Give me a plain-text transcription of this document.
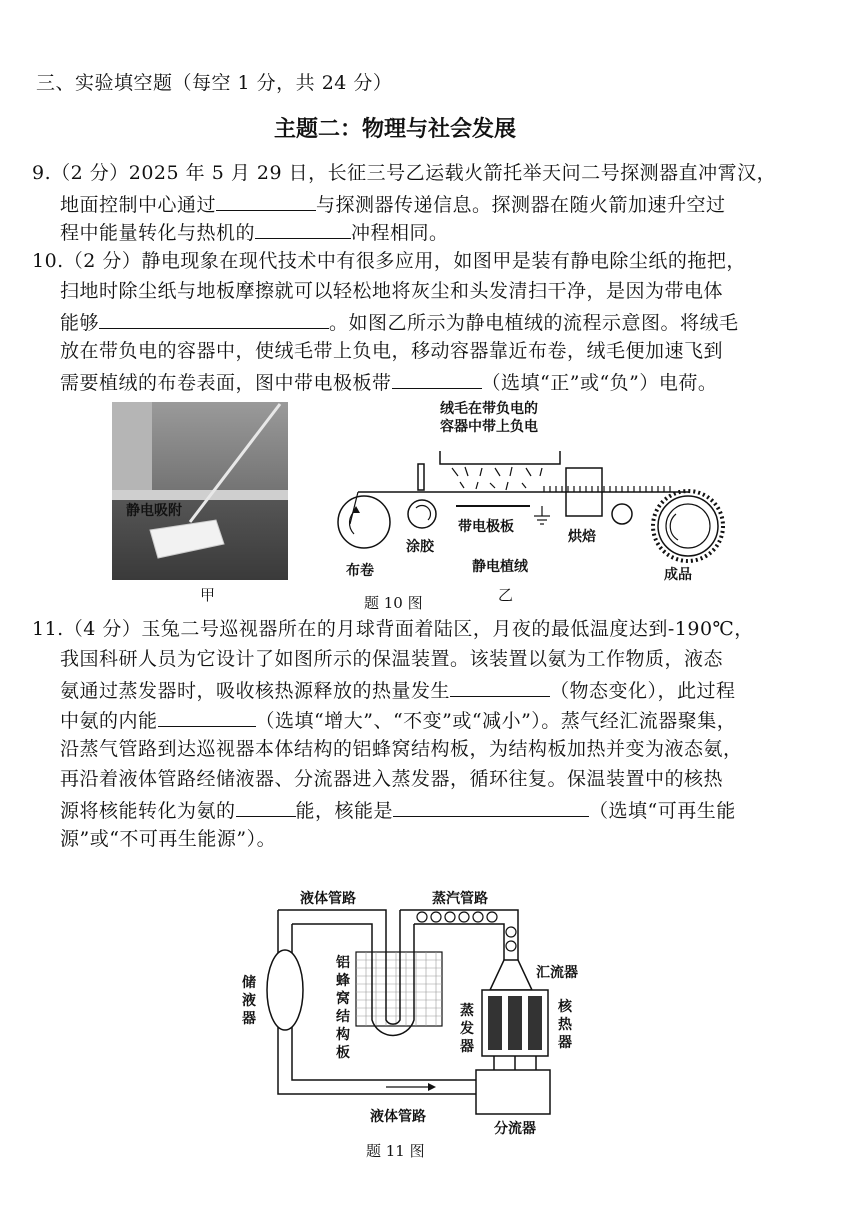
三、实验填空题（每空 1 分，共 24 分）
主题二：物理与社会发展
9.（2 分）2025 年 5 月 29 日，长征三号乙运载火箭托举天问二号探测器直冲霄汉，
地面控制中心通过	与探测器传递信息。探测器在随火箭加速升空过
程中能量转化与热机的	冲程相同。
10.（2 分）静电现象在现代技术中有很多应用，如图甲是装有静电除尘纸的拖把，
扫地时除尘纸与地板摩擦就可以轻松地将灰尘和头发清扫干净，是因为带电体
能够	。如图乙所示为静电植绒的流程示意图。将绒毛
放在带负电的容器中，使绒毛带上负电，移动容器靠近布卷，绒毛便加速飞到
需要植绒的布卷表面，图中带电极板带	（选填“正”或“负”）电荷。
静电吸附
甲
绒毛在带负电的
容器中带上负电
涂胶
带电极板
烘焙
布卷	静电植绒	成品
乙
题 10 图
11.（4 分）玉兔二号巡视器所在的月球背面着陆区，月夜的最低温度达到-190℃，
我国科研人员为它设计了如图所示的保温装置。该装置以氨为工作物质，液态
氨通过蒸发器时，吸收核热源释放的热量发生	（物态变化），此过程
中氨的内能	（选填“增大”、“不变”或“减小”）。蒸气经汇流器聚集，
沿蒸气管路到达巡视器本体结构的铝蜂窝结构板，为结构板加热并变为液态氨，
再沿着液体管路经储液器、分流器进入蒸发器，循环往复。保温装置中的核热
源将核能转化为氨的	能，核能是	（选填“可再生能
源”或“不可再生能源”）。
液体管路	蒸汽管路
储液器
铝蜂窝结构板
蒸发器
汇流器
核热器
液体管路
分流器
题 11 图
